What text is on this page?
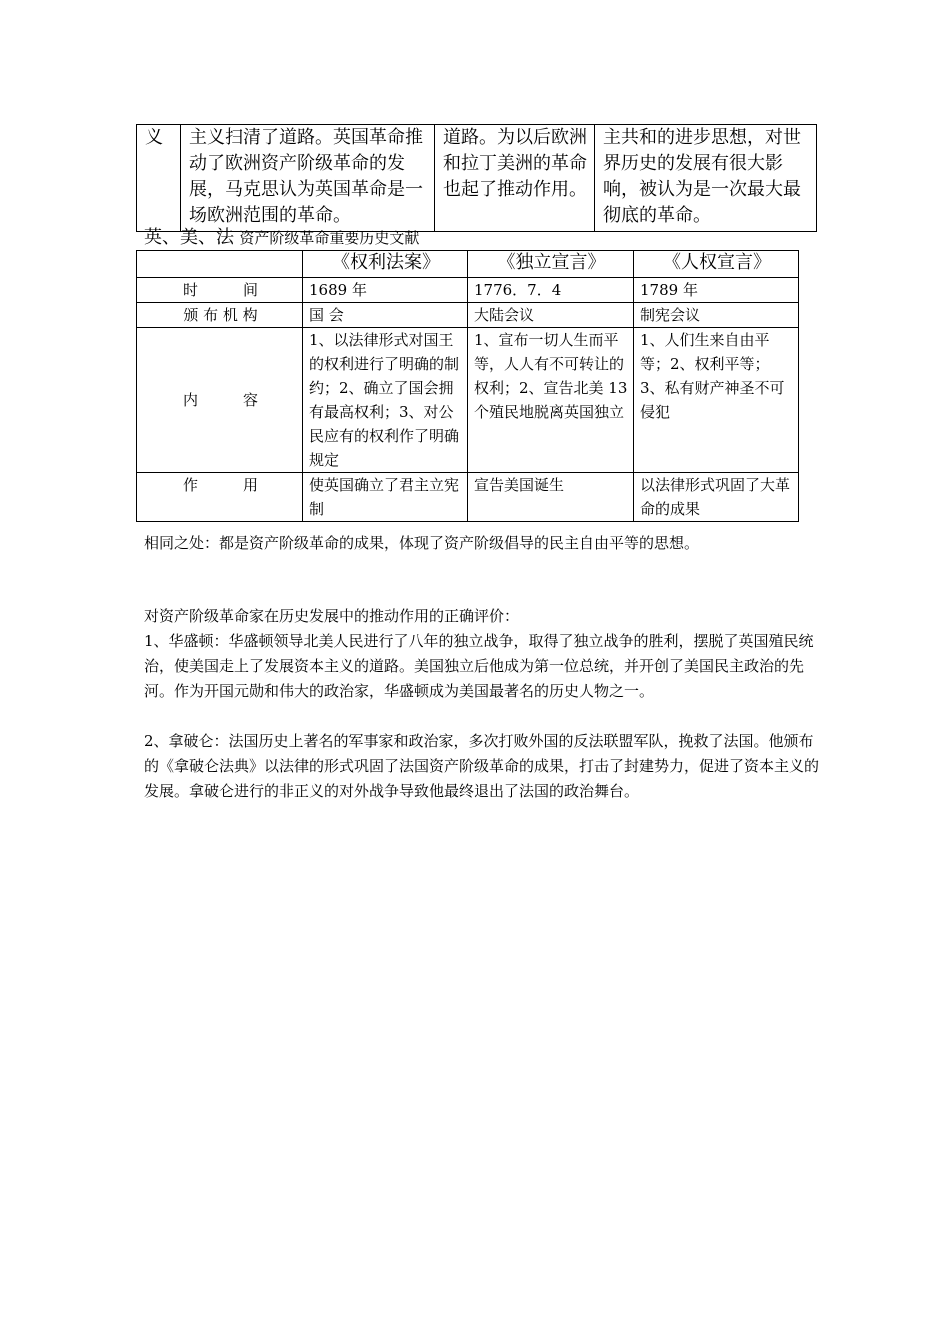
义	主义扫清了道路。英国革命推动了欧洲资产阶级革命的发展，马克思认为英国革命是一场欧洲范围的革命。	道路。为以后欧洲和拉丁美洲的革命也起了推动作用。	主共和的进步思想，对世界历史的发展有很大影响，被认为是一次最大最彻底的革命。
英、美、法 资产阶级革命重要历史文献
	《权利法案》	《独立宣言》	《人权宣言》
时　　　间	1689 年	1776．7．4	1789 年
颁 布 机 构	国 会	大陆会议	制宪会议
内　　　容	1、以法律形式对国王的权利进行了明确的制约；2、确立了国会拥有最高权利；3、对公民应有的权利作了明确规定	1、宣布一切人生而平等，人人有不可转让的权利；2、宣告北美 13 个殖民地脱离英国独立	1、人们生来自由平等；2、权利平等；3、私有财产神圣不可侵犯
作　　　用	使英国确立了君主立宪制	宣告美国诞生	以法律形式巩固了大革命的成果
相同之处：都是资产阶级革命的成果，体现了资产阶级倡导的民主自由平等的思想。
对资产阶级革命家在历史发展中的推动作用的正确评价：
1、华盛顿：华盛顿领导北美人民进行了八年的独立战争，取得了独立战争的胜利，摆脱了英国殖民统治，使美国走上了发展资本主义的道路。美国独立后他成为第一位总统，并开创了美国民主政治的先河。作为开国元勋和伟大的政治家，华盛顿成为美国最著名的历史人物之一。
2、拿破仑：法国历史上著名的军事家和政治家，多次打败外国的反法联盟军队，挽救了法国。他颁布的《拿破仑法典》以法律的形式巩固了法国资产阶级革命的成果，打击了封建势力，促进了资本主义的发展。拿破仑进行的非正义的对外战争导致他最终退出了法国的政治舞台。
